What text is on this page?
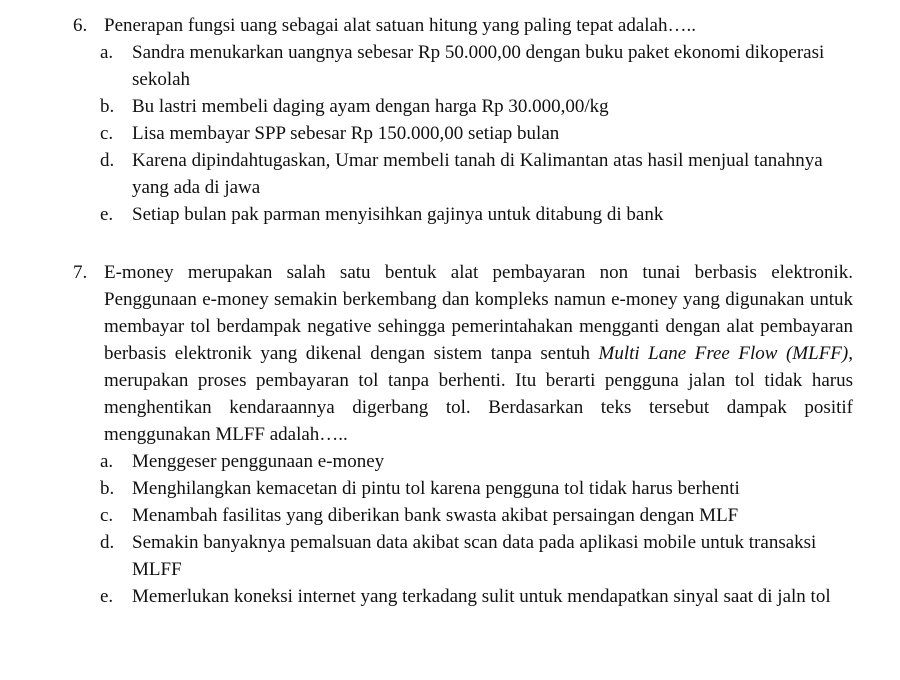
6. Penerapan fungsi uang sebagai alat satuan hitung yang paling tepat adalah…..
a. Sandra menukarkan uangnya sebesar Rp 50.000,00 dengan buku paket ekonomi dikoperasi sekolah
b. Bu lastri membeli daging ayam dengan harga Rp 30.000,00/kg
c. Lisa membayar SPP sebesar Rp 150.000,00 setiap bulan
d. Karena dipindahtugaskan, Umar membeli tanah di Kalimantan atas hasil menjual tanahnya yang ada di jawa
e. Setiap bulan pak parman menyisihkan gajinya untuk ditabung di bank
7. E-money merupakan salah satu bentuk alat pembayaran non tunai berbasis elektronik. Penggunaan e-money semakin berkembang dan kompleks namun e-money yang digunakan untuk membayar tol berdampak negative sehingga pemerintahakan mengganti dengan alat pembayaran berbasis elektronik yang dikenal dengan sistem tanpa sentuh Multi Lane Free Flow (MLFF), merupakan proses pembayaran tol tanpa berhenti. Itu berarti pengguna jalan tol tidak harus menghentikan kendaraannya digerbang tol. Berdasarkan teks tersebut dampak positif menggunakan MLFF adalah…..
a. Menggeser penggunaan e-money
b. Menghilangkan kemacetan di pintu tol karena pengguna tol tidak harus berhenti
c. Menambah fasilitas yang diberikan bank swasta akibat persaingan dengan MLF
d. Semakin banyaknya pemalsuan data akibat scan data pada aplikasi mobile untuk transaksi MLFF
e. Memerlukan koneksi internet yang terkadang sulit untuk mendapatkan sinyal saat di jaln tol
